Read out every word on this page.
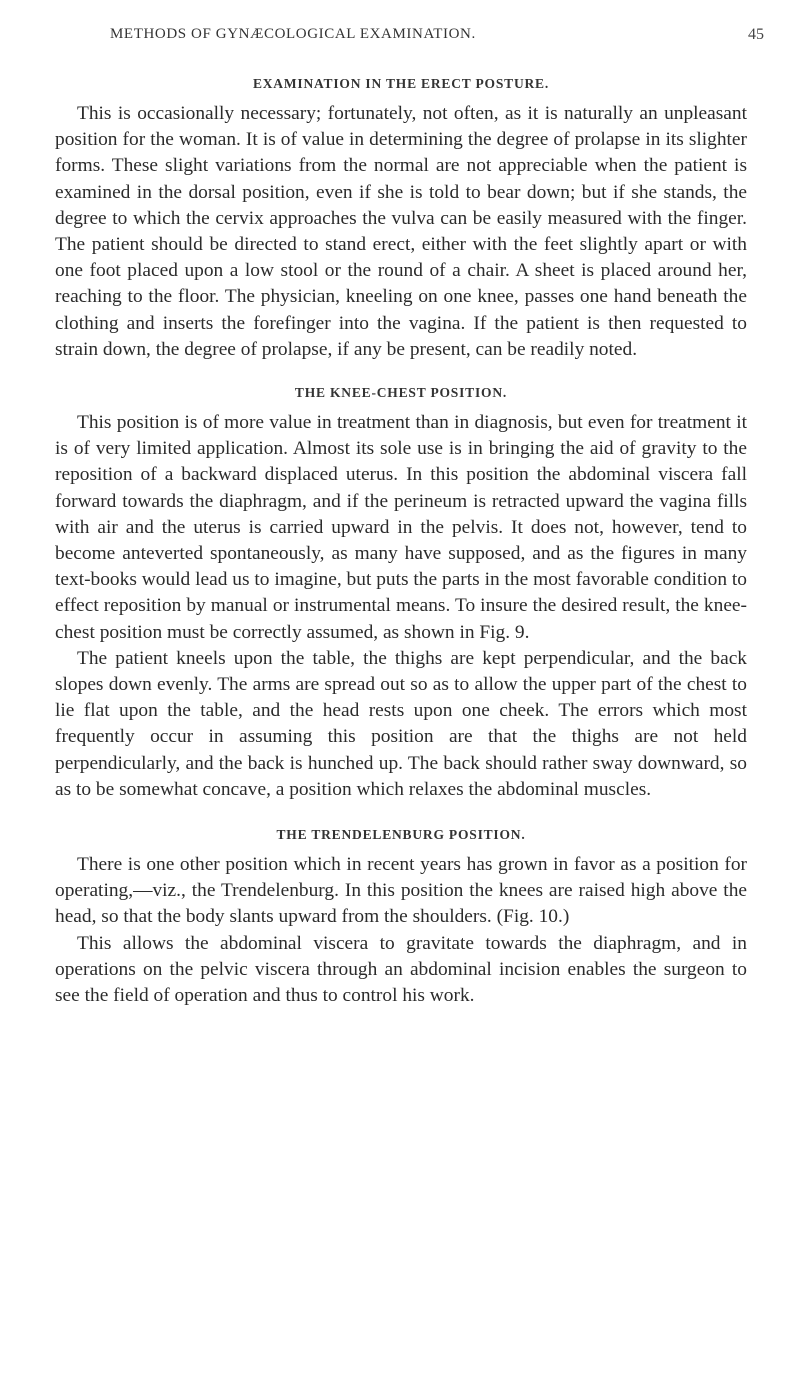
METHODS OF GYNÆCOLOGICAL EXAMINATION.	45
EXAMINATION IN THE ERECT POSTURE.

This is occasionally necessary; fortunately, not often, as it is naturally an unpleasant position for the woman. It is of value in determining the degree of prolapse in its slighter forms. These slight variations from the normal are not appreciable when the patient is examined in the dorsal position, even if she is told to bear down; but if she stands, the degree to which the cervix approaches the vulva can be easily measured with the finger. The patient should be directed to stand erect, either with the feet slightly apart or with one foot placed upon a low stool or the round of a chair. A sheet is placed around her, reaching to the floor. The physician, kneeling on one knee, passes one hand beneath the clothing and inserts the forefinger into the vagina. If the patient is then requested to strain down, the degree of prolapse, if any be present, can be readily noted.

THE KNEE-CHEST POSITION.

This position is of more value in treatment than in diagnosis, but even for treatment it is of very limited application. Almost its sole use is in bringing the aid of gravity to the reposition of a backward displaced uterus. In this position the abdominal viscera fall forward towards the diaphragm, and if the perineum is retracted upward the vagina fills with air and the uterus is carried upward in the pelvis. It does not, however, tend to become anteverted spontaneously, as many have supposed, and as the figures in many text-books would lead us to imagine, but puts the parts in the most favorable condition to effect reposition by manual or instrumental means. To insure the desired result, the knee-chest position must be correctly assumed, as shown in Fig. 9.

The patient kneels upon the table, the thighs are kept perpendicular, and the back slopes down evenly. The arms are spread out so as to allow the upper part of the chest to lie flat upon the table, and the head rests upon one cheek. The errors which most frequently occur in assuming this position are that the thighs are not held perpendicularly, and the back is hunched up. The back should rather sway downward, so as to be somewhat concave, a position which relaxes the abdominal muscles.

THE TRENDELENBURG POSITION.

There is one other position which in recent years has grown in favor as a position for operating,—viz., the Trendelenburg. In this position the knees are raised high above the head, so that the body slants upward from the shoulders. (Fig. 10.)

This allows the abdominal viscera to gravitate towards the diaphragm, and in operations on the pelvic viscera through an abdominal incision enables the surgeon to see the field of operation and thus to control his work.
